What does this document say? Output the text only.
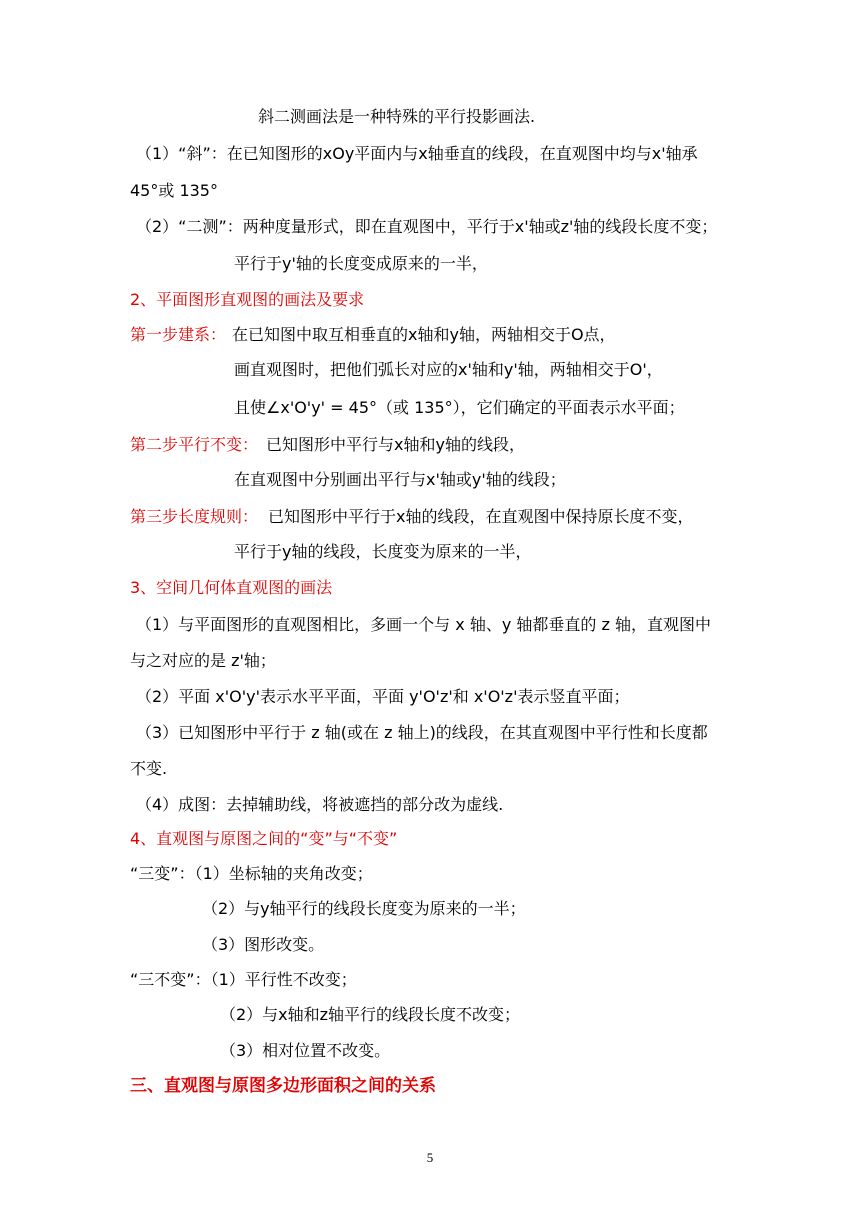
斜二测画法是一种特殊的平行投影画法.
（1）“斜”：在已知图形的xOy平面内与x轴垂直的线段，在直观图中均与x'轴承
45°或 135°
（2）“二测”：两种度量形式，即在直观图中，平行于x'轴或z'轴的线段长度不变；
平行于y'轴的长度变成原来的一半，
2、平面图形直观图的画法及要求
第一步建系： 在已知图中取互相垂直的x轴和y轴，两轴相交于O点，
画直观图时，把他们弧长对应的x'轴和y'轴，两轴相交于O'，
且使∠x'O'y' = 45°（或 135°），它们确定的平面表示水平面；
第二步平行不变： 已知图形中平行与x轴和y轴的线段，
在直观图中分别画出平行与x'轴或y'轴的线段；
第三步长度规则： 已知图形中平行于x轴的线段，在直观图中保持原长度不变，
平行于y轴的线段，长度变为原来的一半，
3、空间几何体直观图的画法
（1）与平面图形的直观图相比，多画一个与 x 轴、y 轴都垂直的 z 轴，直观图中
与之对应的是 z'轴；
（2）平面 x'O'y'表示水平平面，平面 y'O'z'和 x'O'z'表示竖直平面；
（3）已知图形中平行于 z 轴(或在 z 轴上)的线段，在其直观图中平行性和长度都
不变.
（4）成图：去掉辅助线，将被遮挡的部分改为虚线.
4、直观图与原图之间的“变”与“不变”
“三变”：（1）坐标轴的夹角改变；
（2）与y轴平行的线段长度变为原来的一半；
（3）图形改变。
“三不变”：（1）平行性不改变；
（2）与x轴和z轴平行的线段长度不改变；
（3）相对位置不改变。
三、直观图与原图多边形面积之间的关系
5
